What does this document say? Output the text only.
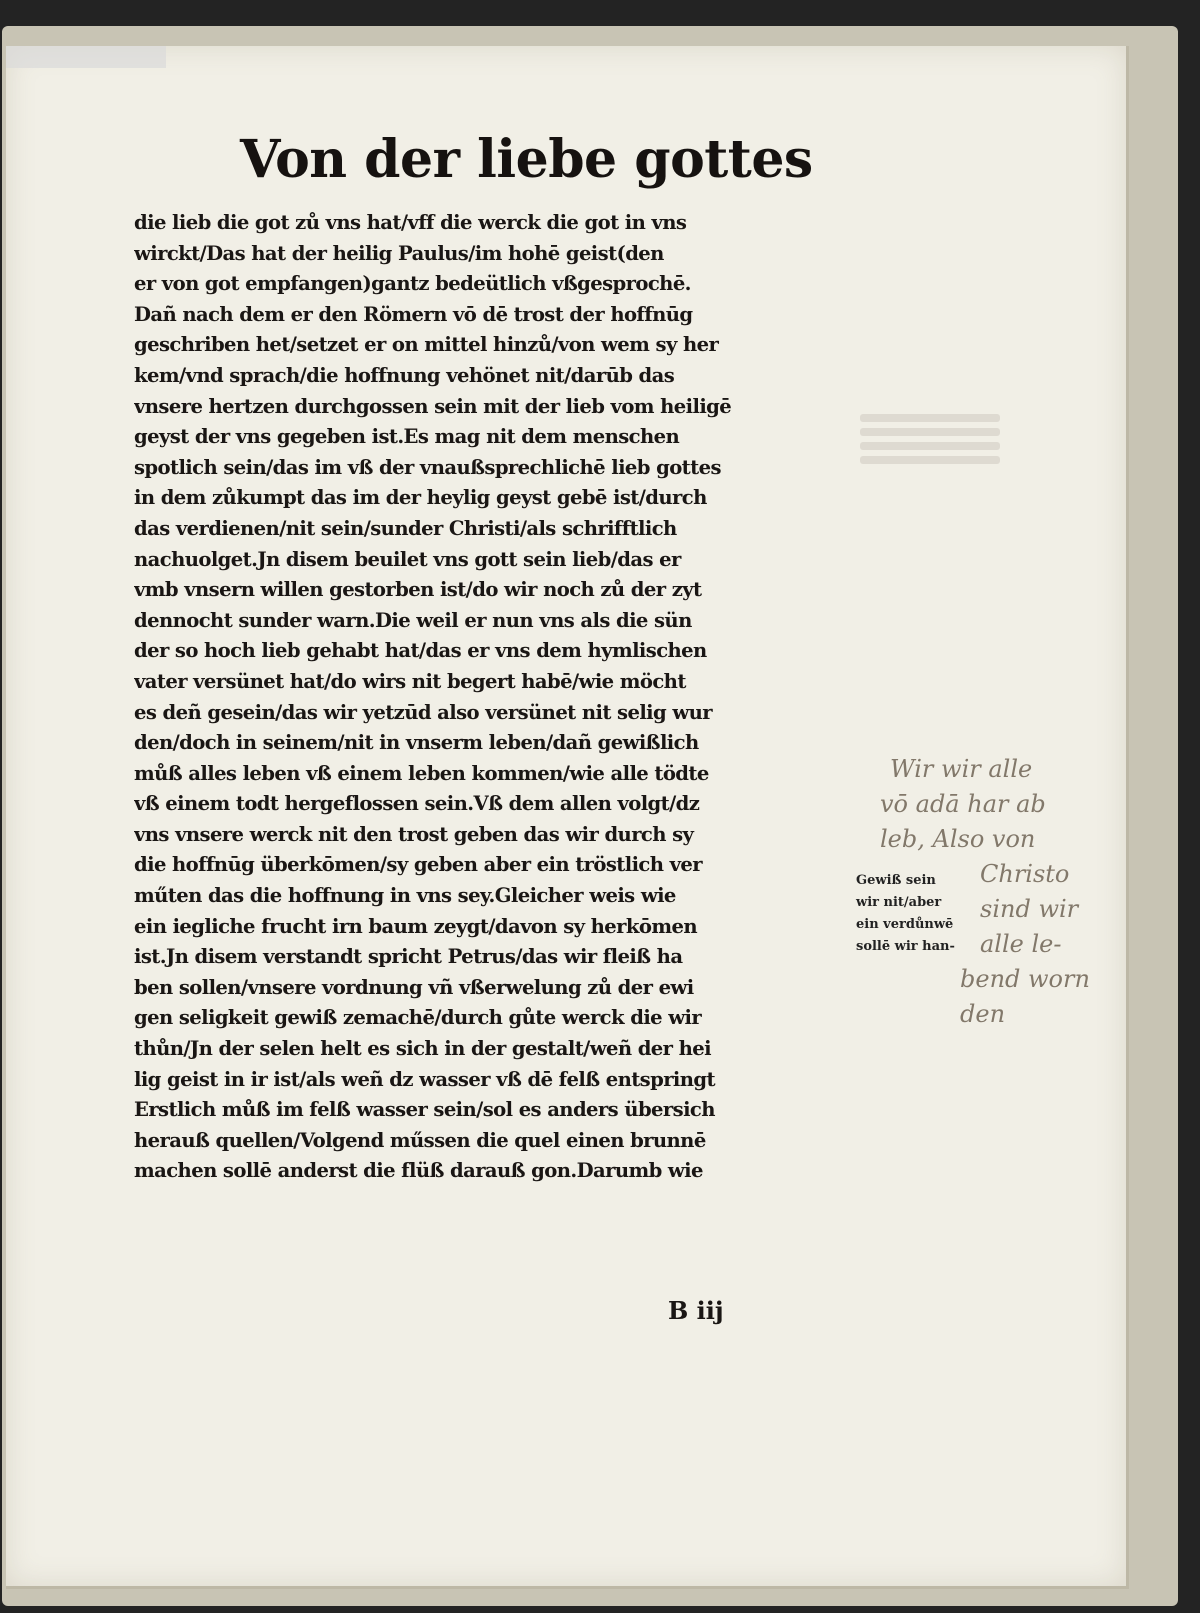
Von der liebe gottes
die lieb die got zů vns hat/vff die werck die got in vns
wirckt/Das hat der heilig Paulus/im hohē geist(den
er von got empfangen)gantz bedeütlich vßgesprochē.
Dañ nach dem er den Römern vō dē trost der hoffnūg
geschriben het/setzet er on mittel hinzů/von wem sy her
kem/vnd sprach/die hoffnung vehönet nit/darūb das
vnsere hertzen durchgossen sein mit der lieb vom heiligē
geyst der vns gegeben ist.Es mag nit dem menschen
spotlich sein/das im vß der vnaußsprechlichē lieb gottes
in dem zůkumpt das im der heylig geyst gebē ist/durch
das verdienen/nit sein/sunder Christi/als schrifftlich
nachuolget.Jn disem beuilet vns gott sein lieb/das er
vmb vnsern willen gestorben ist/do wir noch zů der zyt
dennocht sunder warn.Die weil er nun vns als die sün
der so hoch lieb gehabt hat/das er vns dem hymlischen
vater versünet hat/do wirs nit begert habē/wie möcht
es deñ gesein/das wir yetzūd also versünet nit selig wur
den/doch in seinem/nit in vnserm leben/dañ gewißlich
můß alles leben vß einem leben kommen/wie alle tödte
vß einem todt hergeflossen sein.Vß dem allen volgt/dz
vns vnsere werck nit den trost geben das wir durch sy
die hoffnūg überkōmen/sy geben aber ein tröstlich ver
műten das die hoffnung in vns sey.Gleicher weis wie
ein iegliche frucht irn baum zeygt/davon sy herkōmen
ist.Jn disem verstandt spricht Petrus/das wir fleiß ha
ben sollen/vnsere vordnung vñ vßerwelung zů der ewi
gen seligkeit gewiß zemachē/durch gůte werck die wir
thůn/Jn der selen helt es sich in der gestalt/weñ der hei
lig geist in ir ist/als weñ dz wasser vß dē felß entspringt
Erstlich můß im felß wasser sein/sol es anders übersich
herauß quellen/Volgend műssen die quel einen brunnē
machen sollē anderst die flüß darauß gon.Darumb wie
B iij
Gewiß sein
wir nit/aber
ein verdůnwē
sollē wir han-
Wir wir alle
vō adā har ab
leb, Also von
Christo
sind wir
alle le-
bend worn
den
